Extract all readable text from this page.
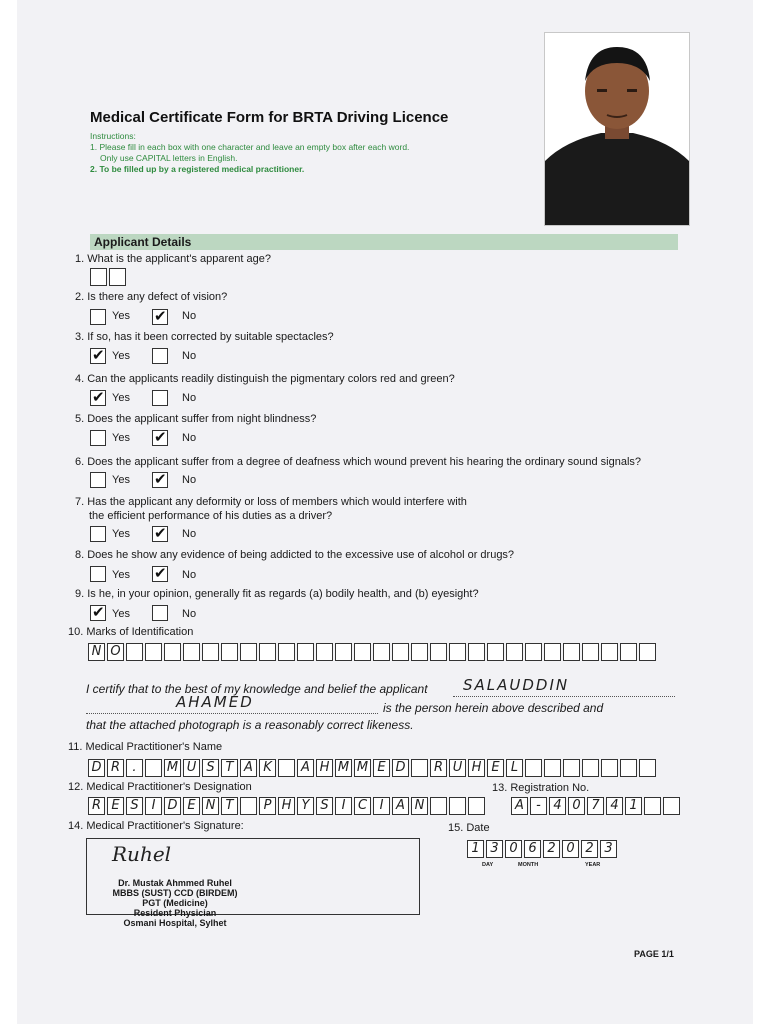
Medical Certificate Form for BRTA Driving Licence
Instructions:
1. Please fill in each box with one character and leave an empty box after each word.
Only use CAPITAL letters in English.
2. To be filled up by a registered medical practitioner.
Applicant Details
1. What is the applicant's apparent age?
2. Is there any defect of vision?
Yes ✔ No
3. If so, has it been corrected by suitable spectacles?
✔ Yes	No
4. Can the applicants readily distinguish the pigmentary colors red and green?
✔ Yes	No
5. Does the applicant suffer from night blindness?
Yes ✔ No
6. Does the applicant suffer from a degree of deafness which wound prevent his hearing the ordinary sound signals?
Yes ✔ No
7. Has the applicant any deformity or loss of members which would interfere with
the efficient performance of his duties as a driver?
Yes ✔ No
8. Does he show any evidence of being addicted to the excessive use of alcohol or drugs?
Yes ✔ No
9. Is he, in your opinion, generally fit as regards (a) bodily health, and (b) eyesight?
✔ Yes	No
10. Marks of Identification
N O
I certify that to the best of my knowledge and belief the applicant SALAUDDIN
AHAMED	is the person herein above described and
that the attached photograph is a reasonably correct likeness.
11. Medical Practitioner's Name
D R .	M U S T A K	A H M M E D	R U H E L
12. Medical Practitioner's Designation	13. Registration No.
R E S I D E N T	P H Y S I C I A N	A - 4 0 7 4 1
14. Medical Practitioner's Signature:	15. Date
1 3 0 6 2 0 2 3
DAY	MONTH	YEAR
Ruhel
Dr. Mustak Ahmmed Ruhel
MBBS (SUST) CCD (BIRDEM)
PGT (Medicine)
Resident Physician
Osmani Hospital, Sylhet
PAGE 1/1
